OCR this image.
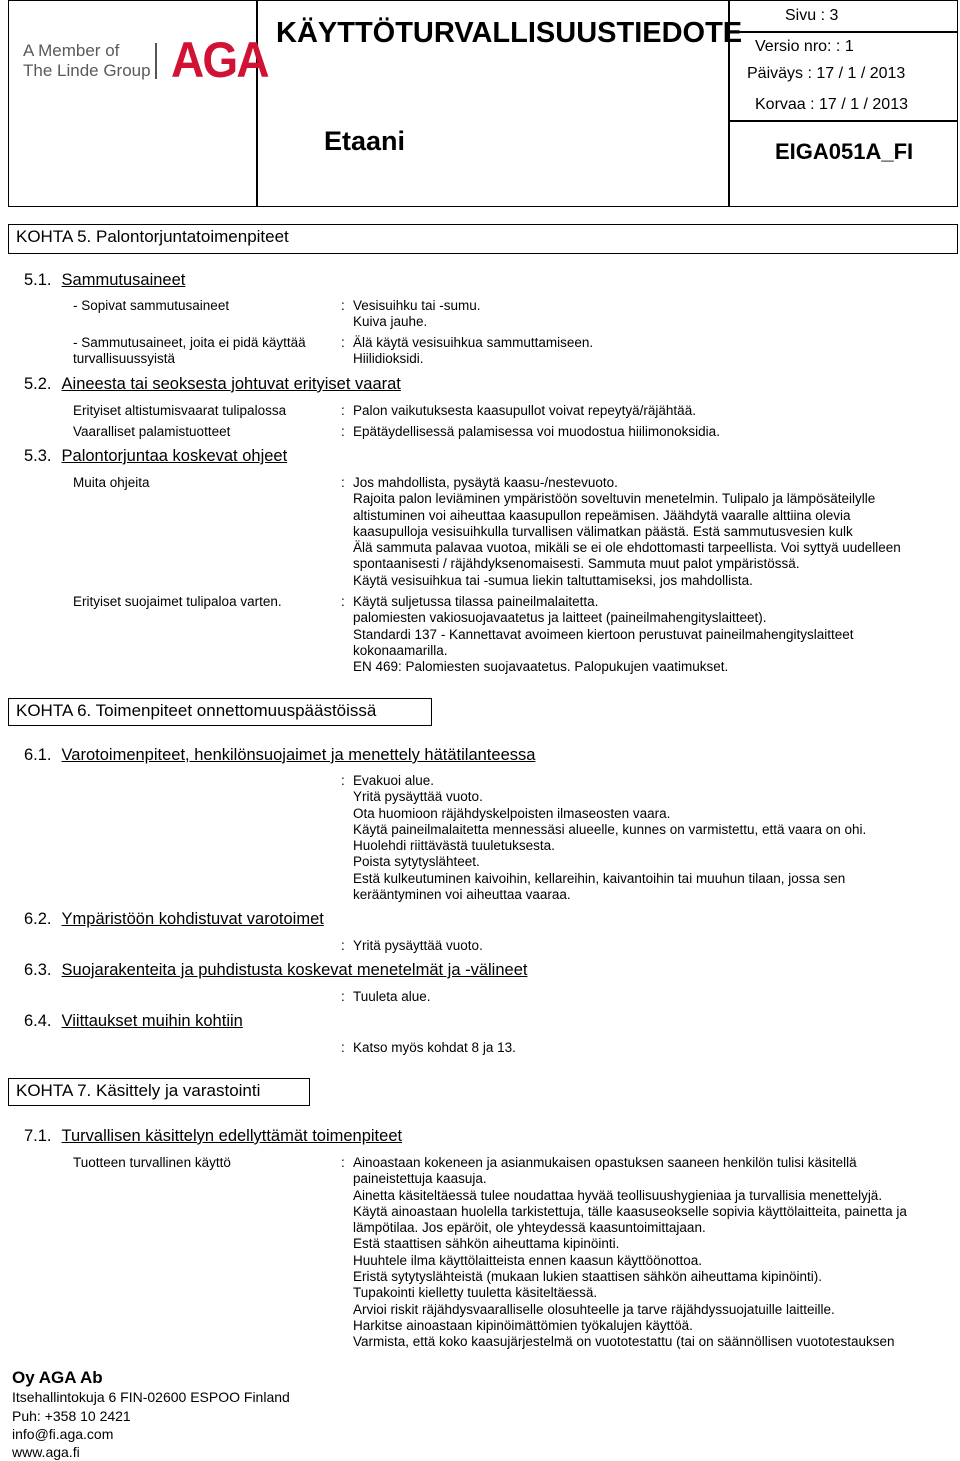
A Member of
The Linde Group AGA KÄYTTÖTURVALLISUUSTIEDOTE
Etaani
Sivu : 3
Versio nro: : 1
Päiväys : 17 / 1 / 2013
Korvaa : 17 / 1 / 2013
EIGA051A_FI
KOHTA 5. Palontorjuntatoimenpiteet
5.1. Sammutusaineet
- Sopivat sammutusaineet	: Vesisuihku tai -sumu.
Kuiva jauhe.
- Sammutusaineet, joita ei pidä käyttää
turvallisuussyistä
: Älä käytä vesisuihkua sammuttamiseen.
Hiilidioksidi.
5.2. Aineesta tai seoksesta johtuvat erityiset vaarat
Erityiset altistumisvaarat tulipalossa	: Palon vaikutuksesta kaasupullot voivat repeytyä/räjähtää.
Vaaralliset palamistuotteet	: Epätäydellisessä palamisessa voi muodostua hiilimonoksidia.
5.3. Palontorjuntaa koskevat ohjeet
Muita ohjeita	: Jos mahdollista, pysäytä kaasu-/nestevuoto.
Rajoita palon leviäminen ympäristöön soveltuvin menetelmin. Tulipalo ja lämpösäteilylle
altistuminen voi aiheuttaa kaasupullon repeämisen. Jäähdytä vaaralle alttiina olevia
kaasupulloja vesisuihkulla turvallisen välimatkan päästä. Estä sammutusvesien kulk
Älä sammuta palavaa vuotoa, mikäli se ei ole ehdottomasti tarpeellista. Voi syttyä uudelleen
spontaanisesti / räjähdyksenomaisesti. Sammuta muut palot ympäristössä.
Käytä vesisuihkua tai -sumua liekin taltuttamiseksi, jos mahdollista.
Erityiset suojaimet tulipaloa varten.	: Käytä suljetussa tilassa paineilmalaitetta.
palomiesten vakiosuojavaatetus ja laitteet (paineilmahengityslaitteet).
Standardi 137 - Kannettavat avoimeen kiertoon perustuvat paineilmahengityslaitteet
kokonaamarilla.
EN 469: Palomiesten suojavaatetus. Palopukujen vaatimukset.
KOHTA 6. Toimenpiteet onnettomuuspäästöissä
6.1. Varotoimenpiteet, henkilönsuojaimet ja menettely hätätilanteessa
: Evakuoi alue.
Yritä pysäyttää vuoto.
Ota huomioon räjähdyskelpoisten ilmaseosten vaara.
Käytä paineilmalaitetta mennessäsi alueelle, kunnes on varmistettu, että vaara on ohi.
Huolehdi riittävästä tuuletuksesta.
Poista sytytyslähteet.
Estä kulkeutuminen kaivoihin, kellareihin, kaivantoihin tai muuhun tilaan, jossa sen
kerääntyminen voi aiheuttaa vaaraa.
6.2. Ympäristöön kohdistuvat varotoimet
: Yritä pysäyttää vuoto.
6.3. Suojarakenteita ja puhdistusta koskevat menetelmät ja -välineet
: Tuuleta alue.
6.4. Viittaukset muihin kohtiin
: Katso myös kohdat 8 ja 13.
KOHTA 7. Käsittely ja varastointi
7.1. Turvallisen käsittelyn edellyttämät toimenpiteet
Tuotteen turvallinen käyttö	: Ainoastaan kokeneen ja asianmukaisen opastuksen saaneen henkilön tulisi käsitellä
paineistettuja kaasuja.
Ainetta käsiteltäessä tulee noudattaa hyvää teollisuushygieniaa ja turvallisia menettelyjä.
Käytä ainoastaan huolella tarkistettuja, tälle kaasuseokselle sopivia käyttölaitteita, painetta ja
lämpötilaa. Jos epäröit, ole yhteydessä kaasuntoimittajaan.
Estä staattisen sähkön aiheuttama kipinöinti.
Huuhtele ilma käyttölaitteista ennen kaasun käyttöönottoa.
Eristä sytytyslähteistä (mukaan lukien staattisen sähkön aiheuttama kipinöinti).
Tupakointi kielletty tuuletta käsiteltäessä.
Arvioi riskit räjähdysvaaralliselle olosuhteelle ja tarve räjähdyssuojatuille laitteille.
Harkitse ainoastaan kipinöimättömien työkalujen käyttöä.
Varmista, että koko kaasujärjestelmä on vuototestattu (tai on säännöllisen vuototestauksen
Oy AGA Ab
Itsehallintokuja 6 FIN-02600 ESPOO Finland
Puh: +358 10 2421
info@fi.aga.com
www.aga.fi
